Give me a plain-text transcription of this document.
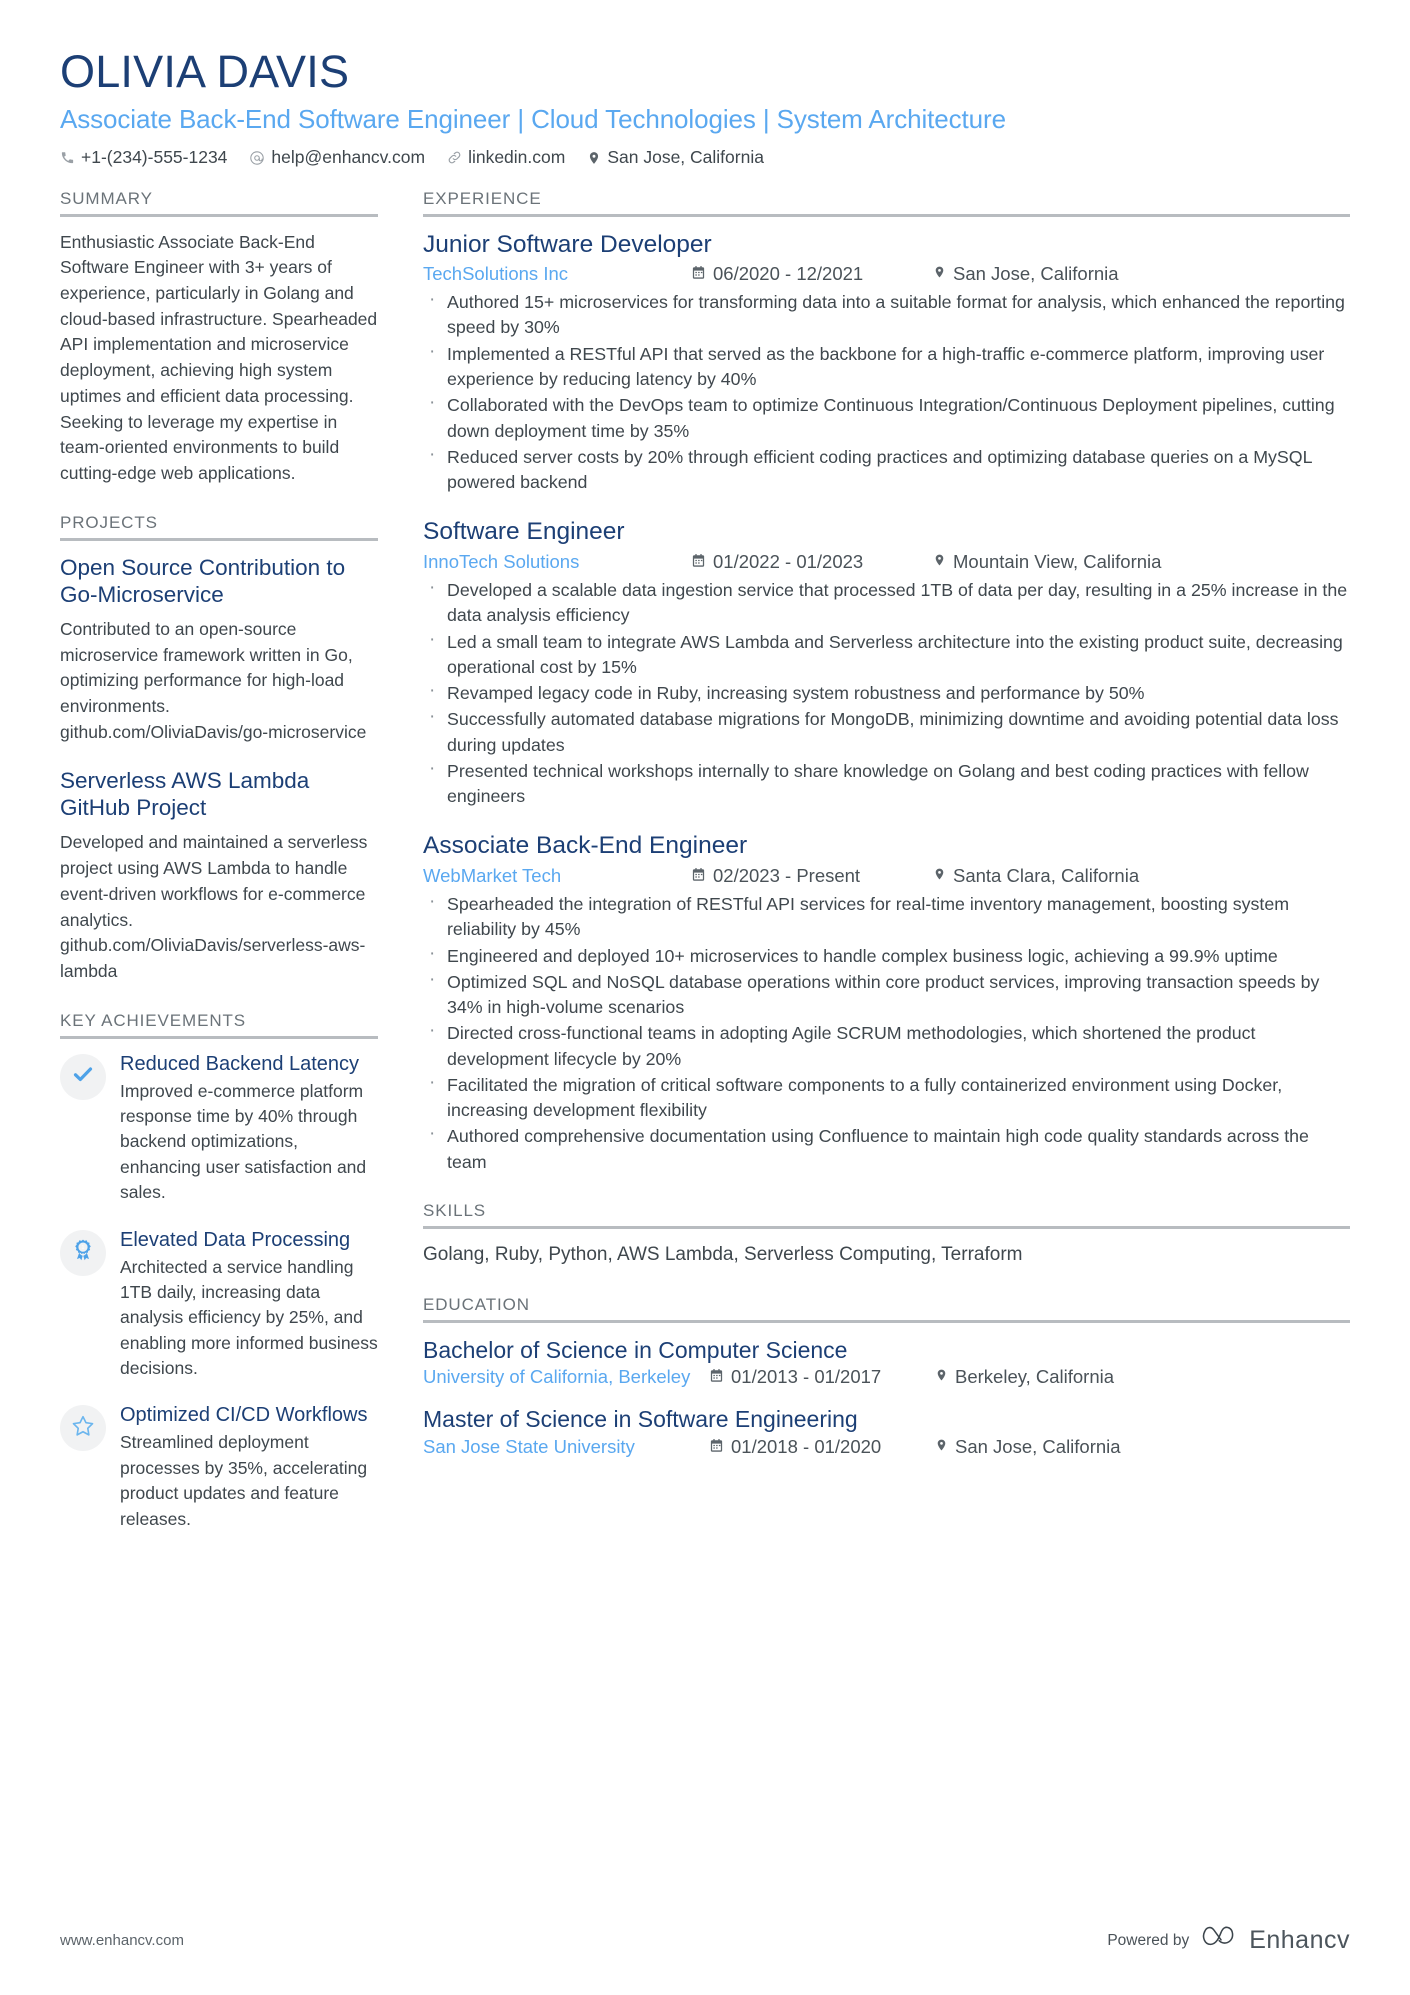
OLIVIA DAVIS
Associate Back-End Software Engineer | Cloud Technologies | System Architecture
+1-(234)-555-1234	help@enhancv.com linkedin.com San Jose, California
SUMMARY
Enthusiastic Associate Back-End Software Engineer with 3+ years of experience, particularly in Golang and cloud-based infrastructure. Spearheaded API implementation and microservice deployment, achieving high system uptimes and efficient data processing. Seeking to leverage my expertise in team-oriented environments to build cutting-edge web applications.
PROJECTS
Open Source Contribution to Go-Microservice
Contributed to an open-source microservice framework written in Go, optimizing performance for high-load environments. github.com/OliviaDavis/go-microservice
Serverless AWS Lambda GitHub Project
Developed and maintained a serverless project using AWS Lambda to handle event-driven workflows for e-commerce analytics. github.com/OliviaDavis/serverless-aws-lambda
KEY ACHIEVEMENTS
Reduced Backend Latency
Improved e-commerce platform response time by 40% through backend optimizations, enhancing user satisfaction and sales.
1 Elevated Data Processing
Architected a service handling 1TB daily, increasing data analysis efficiency by 25%, and enabling more informed business decisions.
Optimized CI/CD Workflows
Streamlined deployment processes by 35%, accelerating product updates and feature releases.
EXPERIENCE
Junior Software Developer
TechSolutions Inc	06/2020 - 12/2021	San Jose, California
· Authored 15+ microservices for transforming data into a suitable format for analysis, which enhanced the reporting speed by 30%
· Implemented a RESTful API that served as the backbone for a high-traffic e-commerce platform, improving user experience by reducing latency by 40%
· Collaborated with the DevOps team to optimize Continuous Integration/Continuous Deployment pipelines, cutting down deployment time by 35%
· Reduced server costs by 20% through efficient coding practices and optimizing database queries on a MySQL powered backend
Software Engineer
InnoTech Solutions	01/2022 - 01/2023	Mountain View, California
· Developed a scalable data ingestion service that processed 1TB of data per day, resulting in a 25% increase in the data analysis efficiency
· Led a small team to integrate AWS Lambda and Serverless architecture into the existing product suite, decreasing operational cost by 15%
· Revamped legacy code in Ruby, increasing system robustness and performance by 50%
· Successfully automated database migrations for MongoDB, minimizing downtime and avoiding potential data loss during updates
· Presented technical workshops internally to share knowledge on Golang and best coding practices with fellow engineers
Associate Back-End Engineer
WebMarket Tech	02/2023 - Present	Santa Clara, California
· Spearheaded the integration of RESTful API services for real-time inventory management, boosting system reliability by 45%
· Engineered and deployed 10+ microservices to handle complex business logic, achieving a 99.9% uptime
· Optimized SQL and NoSQL database operations within core product services, improving transaction speeds by 34% in high-volume scenarios
· Directed cross-functional teams in adopting Agile SCRUM methodologies, which shortened the product development lifecycle by 20%
· Facilitated the migration of critical software components to a fully containerized environment using Docker, increasing development flexibility
· Authored comprehensive documentation using Confluence to maintain high code quality standards across the team
SKILLS
Golang, Ruby, Python, AWS Lambda, Serverless Computing, Terraform
EDUCATION
Bachelor of Science in Computer Science
University of California, Berkeley	01/2013 - 01/2017	Berkeley, California
Master of Science in Software Engineering
San Jose State University	01/2018 - 01/2020	San Jose, California
www.enhancv.com	Powered by Enhancv
